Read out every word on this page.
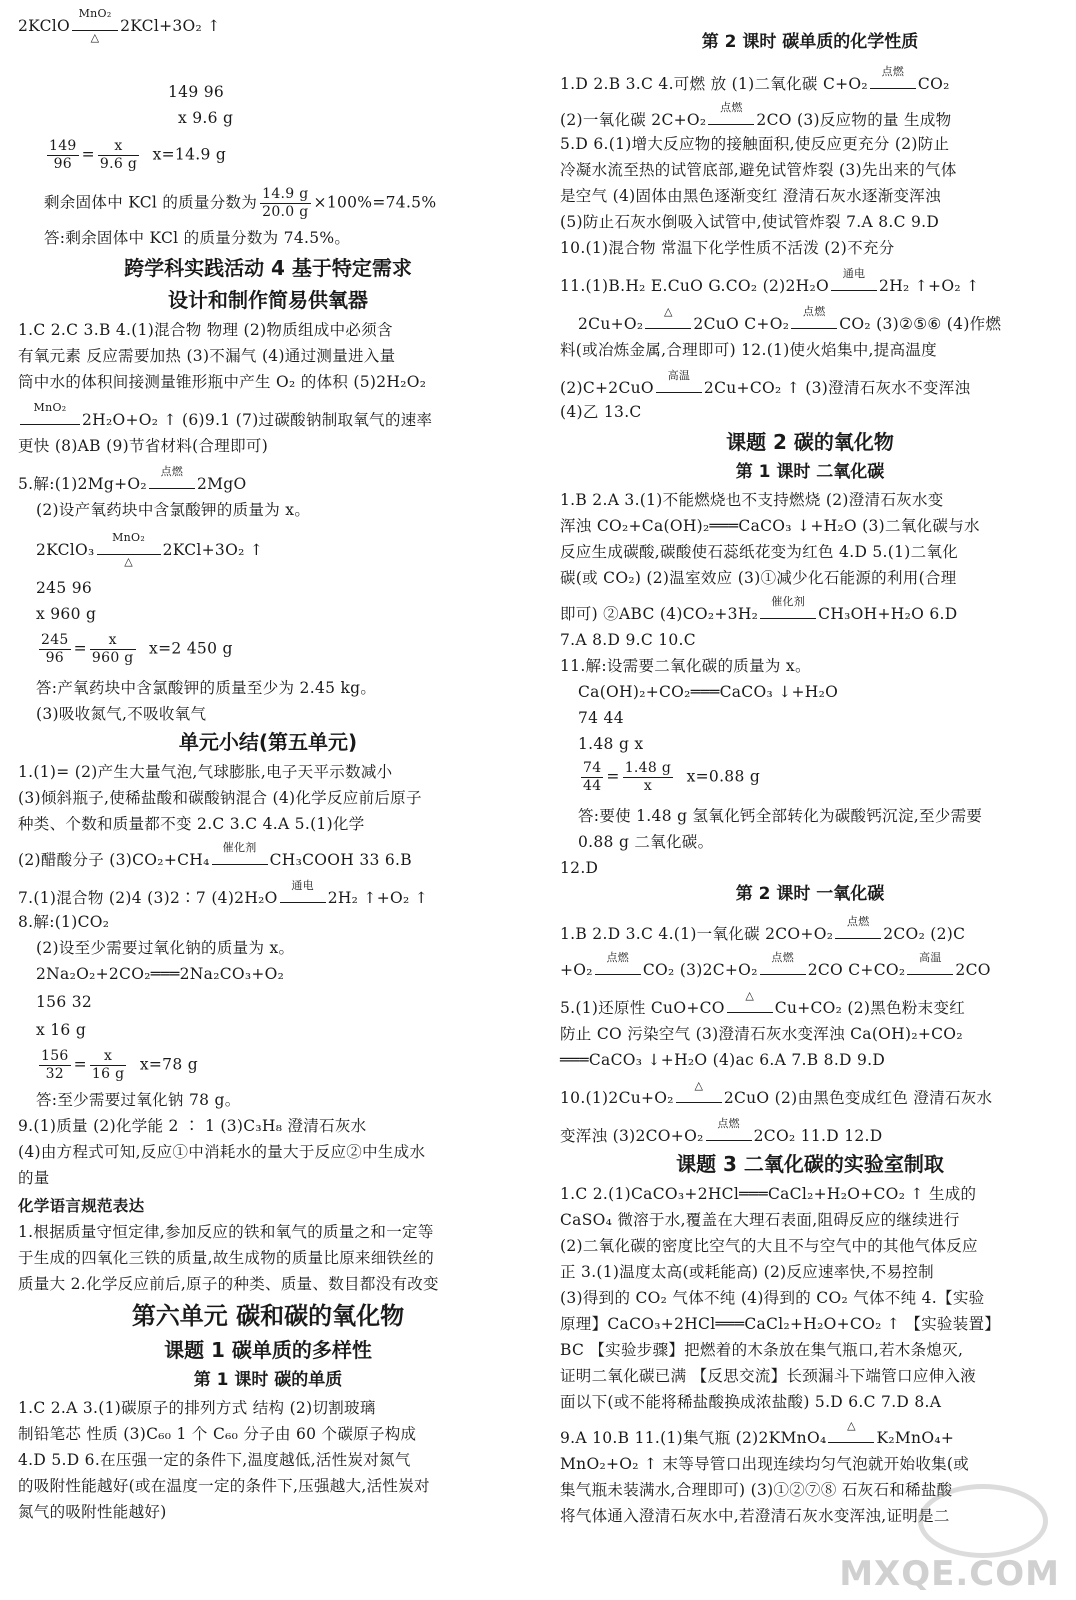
2KClO
MnO₂
△
2KCl+3O₂ ↑
149 96
x 9.6 g
$\frac{149}{96} = \frac{x}{9.6 g} x=14.9$ g
剩余固体中 KCl 的质量分数为 $\frac{14.9 g}{20.0 g} \times 100\%=74.5\%$
答:剩余固体中 KCl 的质量分数为 74.5%。
跨学科实践活动 4 基于特定需求
设计和制作简易供氧器
1.C 2.C 3.B 4.(1)混合物 物理 (2)物质组成中必须含
有氧元素 反应需要加热 (3)不漏气 (4)通过测量进入量
筒中水的体积间接测量锥形瓶中产生 O₂ 的体积 (5)2H₂O₂
MnO₂
2H₂O+O₂ ↑ (6)9.1 (7)过碳酸钠制取氧气的速率
更快 (8)AB (9)节省材料(合理即可)
5.解:(1)2Mg+O₂
点燃
2MgO
(2)设产氧药块中含氯酸钾的质量为 x。
2KClO₃
MnO₂
△
2KCl+3O₂ ↑
245 96
x 960 g
$\frac{245}{96} = \frac{x}{960 g} x=2$ 450 g
答:产氧药块中含氯酸钾的质量至少为 2.45 kg。
(3)吸收氮气,不吸收氧气
单元小结(第五单元)
1.(1)= (2)产生大量气泡,气球膨胀,电子天平示数减小
(3)倾斜瓶子,使稀盐酸和碳酸钠混合 (4)化学反应前后原子
种类、个数和质量都不变 2.C 3.C 4.A 5.(1)化学
(2)醋酸分子 (3)CO₂+CH₄
催化剂
CH₃COOH 33 6.B
7.(1)混合物 (2)4 (3)2∶7 (4)2H₂O
通电
2H₂ ↑+O₂ ↑
8.解:(1)CO₂
(2)设至少需要过氧化钠的质量为 x。
2Na₂O₂+2CO₂═══2Na₂CO₃+O₂
156 32
x 16 g
$\frac{156}{32} = \frac{x}{16 g} x=78$ g
答:至少需要过氧化钠 78 g。
9.(1)质量 (2)化学能 2 ∶ 1 (3)C₃H₈ 澄清石灰水
(4)由方程式可知,反应①中消耗水的量大于反应②中生成水
的量
化学语言规范表达
1.根据质量守恒定律,参加反应的铁和氧气的质量之和一定等
于生成的四氧化三铁的质量,故生成物的质量比原来细铁丝的
质量大 2.化学反应前后,原子的种类、质量、数目都没有改变
第六单元 碳和碳的氧化物
课题 1 碳单质的多样性
第 1 课时 碳的单质
1.C 2.A 3.(1)碳原子的排列方式 结构 (2)切割玻璃
制铅笔芯 性质 (3)C₆₀ 1 个 C₆₀ 分子由 60 个碳原子构成
4.D 5.D 6.在压强一定的条件下,温度越低,活性炭对氮气
的吸附性能越好(或在温度一定的条件下,压强越大,活性炭对
氮气的吸附性能越好)
第 2 课时 碳单质的化学性质
1.D 2.B 3.C 4.可燃 放 (1)二氧化碳 C+O₂
点燃
CO₂
(2)一氧化碳 2C+O₂
点燃
2CO (3)反应物的量 生成物
5.D 6.(1)增大反应物的接触面积,使反应更充分 (2)防止
冷凝水流至热的试管底部,避免试管炸裂 (3)先出来的气体
是空气 (4)固体由黑色逐渐变红 澄清石灰水逐渐变浑浊
(5)防止石灰水倒吸入试管中,使试管炸裂 7.A 8.C 9.D
10.(1)混合物 常温下化学性质不活泼 (2)不充分
11.(1)B.H₂ E.CuO G.CO₂ (2)2H₂O
通电
2H₂ ↑+O₂ ↑
2Cu+O₂
△
2CuO C+O₂
点燃
CO₂ (3)②⑤⑥ (4)作燃
料(或冶炼金属,合理即可) 12.(1)使火焰集中,提高温度
(2)C+2CuO
高温
2Cu+CO₂ ↑ (3)澄清石灰水不变浑浊
(4)乙 13.C
课题 2 碳的氧化物
第 1 课时 二氧化碳
1.B 2.A 3.(1)不能燃烧也不支持燃烧 (2)澄清石灰水变
浑浊 CO₂+Ca(OH)₂═══CaCO₃ ↓+H₂O (3)二氧化碳与水
反应生成碳酸,碳酸使石蕊纸花变为红色 4.D 5.(1)二氧化
碳(或 CO₂) (2)温室效应 (3)①减少化石能源的利用(合理
即可) ②ABC (4)CO₂+3H₂
催化剂
CH₃OH+H₂O 6.D
7.A 8.D 9.C 10.C
11.解:设需要二氧化碳的质量为 x。
Ca(OH)₂+CO₂═══CaCO₃ ↓+H₂O
74 44
1.48 g x
$\frac{74}{44} = \frac{1.48 g}{x} x=0.88$ g
答:要使 1.48 g 氢氧化钙全部转化为碳酸钙沉淀,至少需要
0.88 g 二氧化碳。
12.D
第 2 课时 一氧化碳
1.B 2.D 3.C 4.(1)一氧化碳 2CO+O₂
点燃
2CO₂ (2)C
+O₂
点燃
CO₂ (3)2C+O₂
点燃
2CO C+CO₂
高温
2CO
5.(1)还原性 CuO+CO
△
Cu+CO₂ (2)黑色粉末变红
防止 CO 污染空气 (3)澄清石灰水变浑浊 Ca(OH)₂+CO₂
═══CaCO₃ ↓+H₂O (4)ac 6.A 7.B 8.D 9.D
10.(1)2Cu+O₂
△
2CuO (2)由黑色变成红色 澄清石灰水
变浑浊 (3)2CO+O₂
点燃
2CO₂ 11.D 12.D
课题 3 二氧化碳的实验室制取
1.C 2.(1)CaCO₃+2HCl═══CaCl₂+H₂O+CO₂ ↑ 生成的
CaSO₄ 微溶于水,覆盖在大理石表面,阻碍反应的继续进行
(2)二氧化碳的密度比空气的大且不与空气中的其他气体反应
正 3.(1)温度太高(或耗能高) (2)反应速率快,不易控制
(3)得到的 CO₂ 气体不纯 (4)得到的 CO₂ 气体不纯 4.【实验
原理】CaCO₃+2HCl═══CaCl₂+H₂O+CO₂ ↑ 【实验装置】
BC 【实验步骤】把燃着的木条放在集气瓶口,若木条熄灭,
证明二氧化碳已满 【反思交流】长颈漏斗下端管口应伸入液
面以下(或不能将稀盐酸换成浓盐酸) 5.D 6.C 7.D 8.A
9.A 10.B 11.(1)集气瓶 (2)2KMnO₄
△
K₂MnO₄+
MnO₂+O₂ ↑ 末等导管口出现连续均匀气泡就开始收集(或
集气瓶未装满水,合理即可) (3)①②⑦⑧ 石灰石和稀盐酸
将气体通入澄清石灰水中,若澄清石灰水变浑浊,证明是二
MXQE.COM
